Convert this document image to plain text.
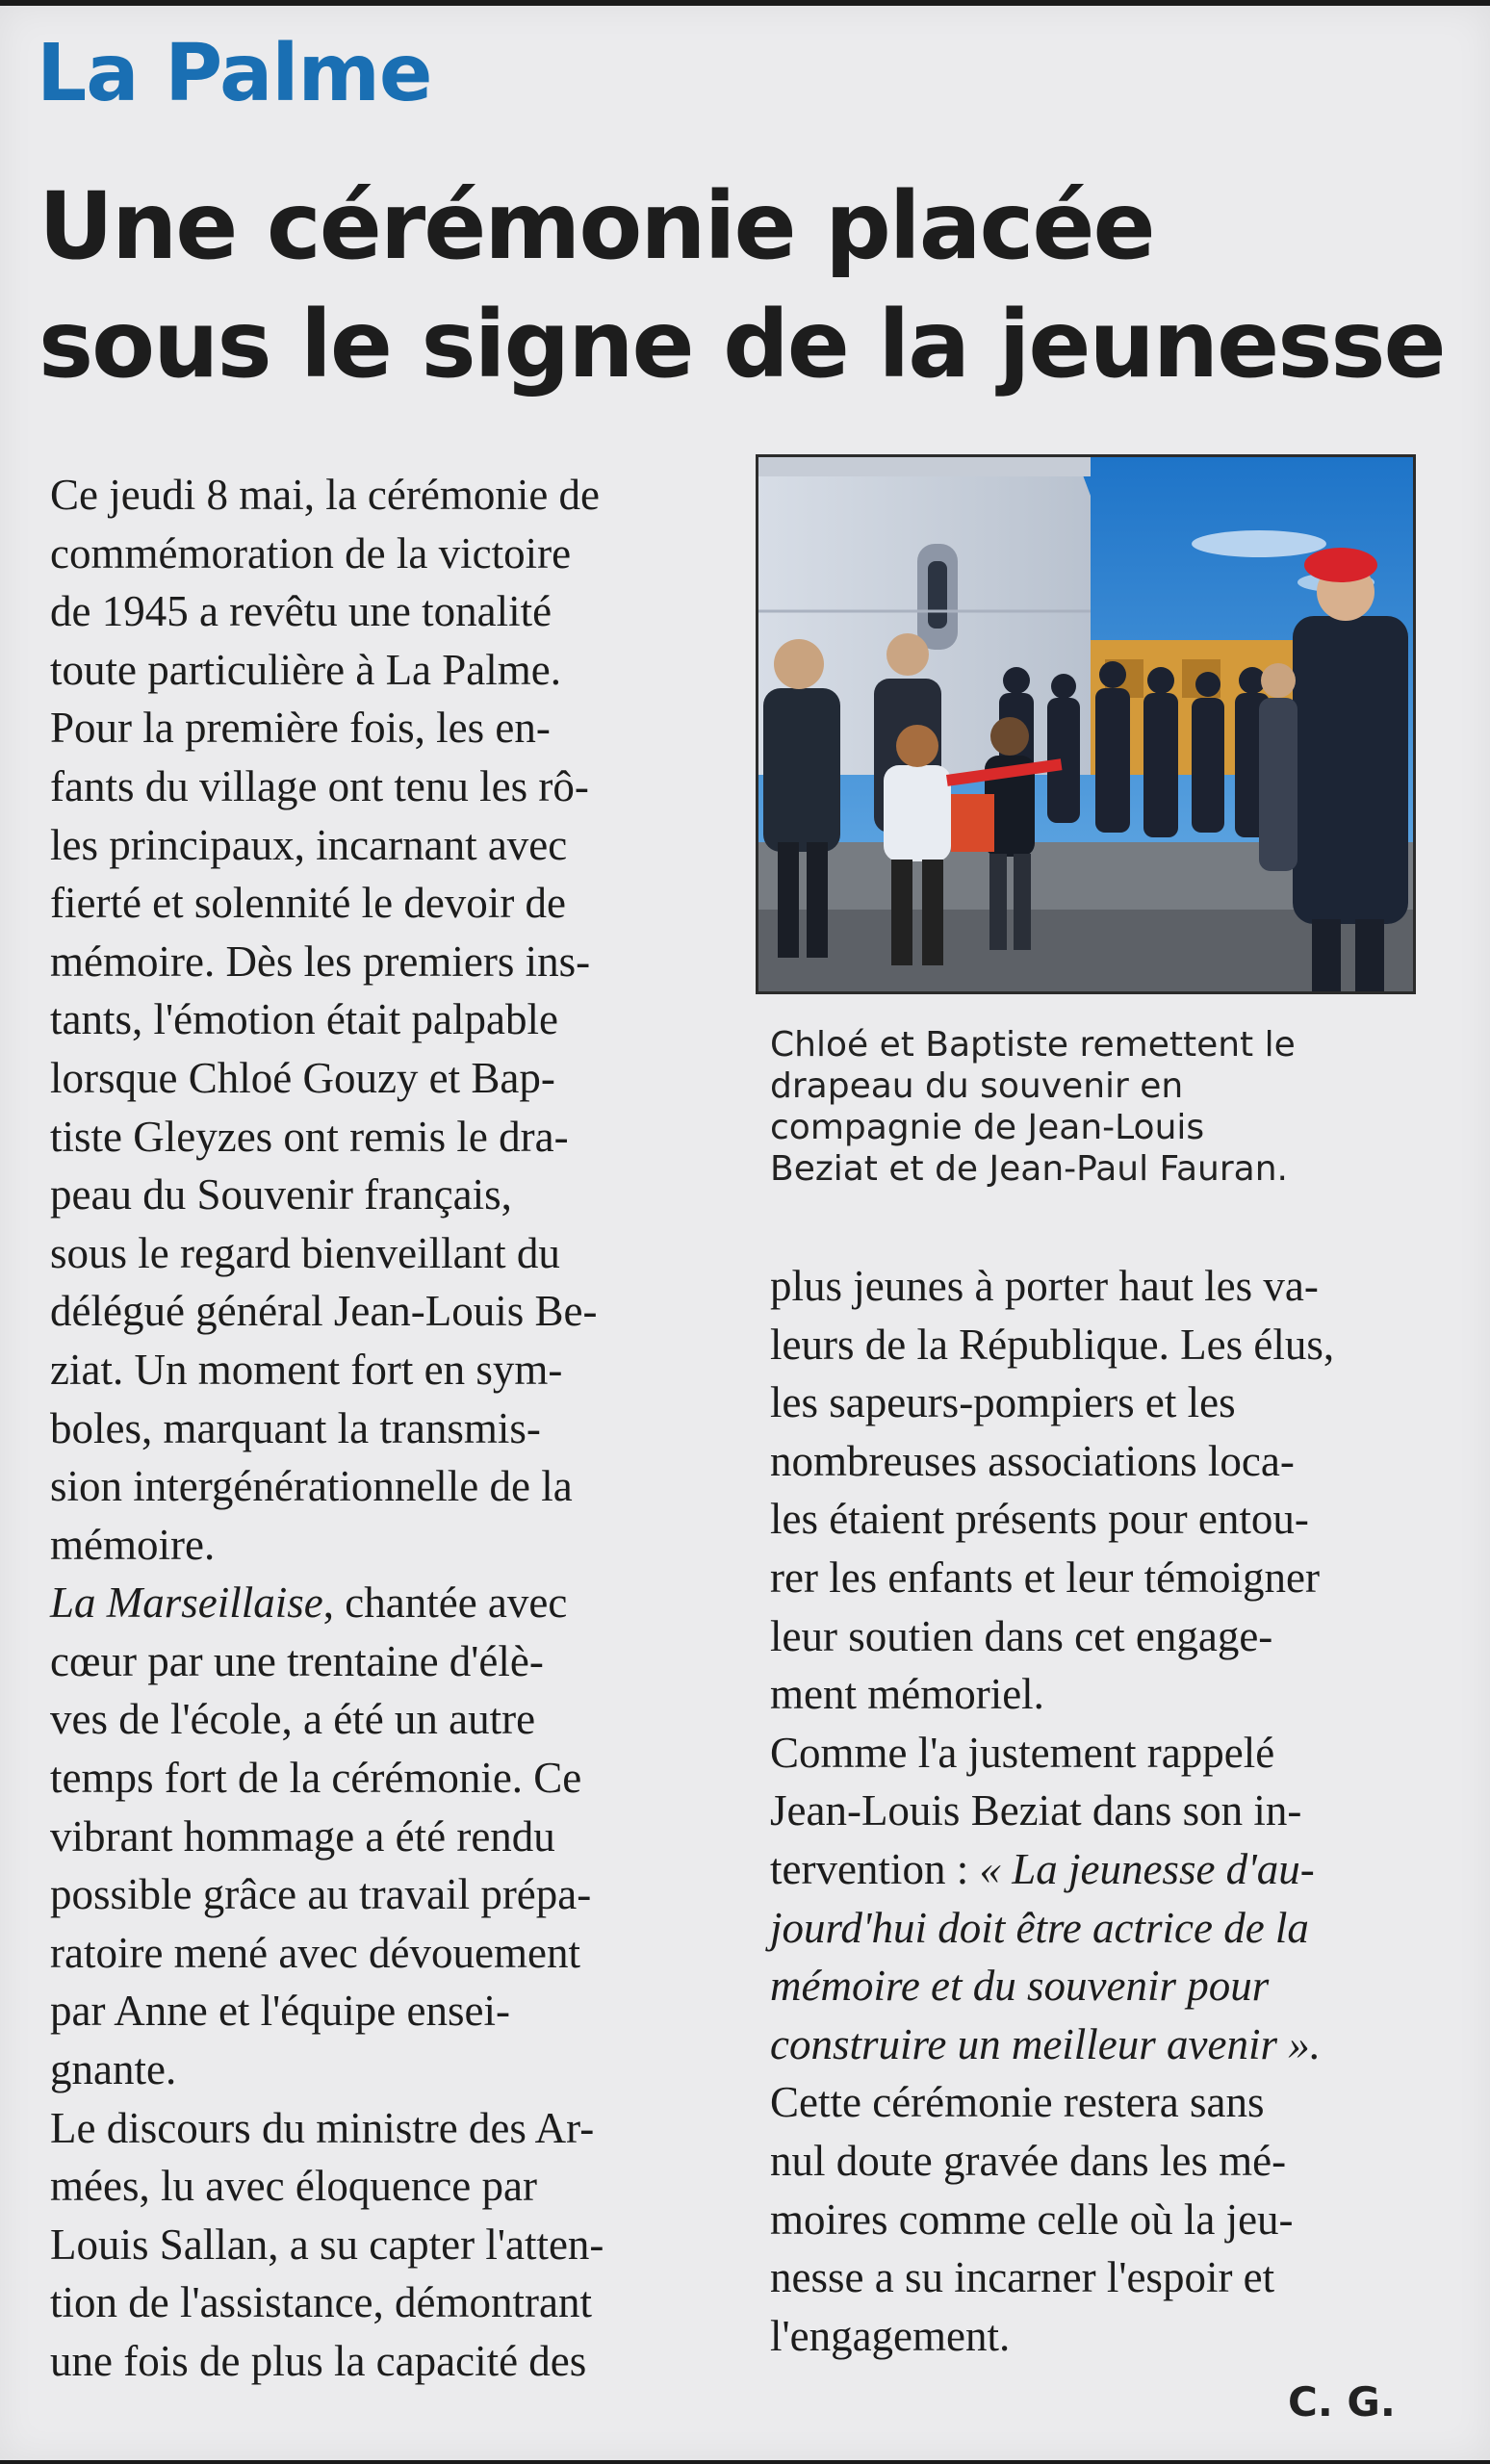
La Palme
Une cérémonie placée
sous le signe de la jeunesse
Ce jeudi 8 mai, la cérémonie de
commémoration de la victoire
de 1945 a revêtu une tonalité
toute particulière à La Palme.
Pour la première fois, les en-
fants du village ont tenu les rô-
les principaux, incarnant avec
fierté et solennité le devoir de
mémoire. Dès les premiers ins-
tants, l'émotion était palpable
lorsque Chloé Gouzy et Bap-
tiste Gleyzes ont remis le dra-
peau du Souvenir français,
sous le regard bienveillant du
délégué général Jean-Louis Be-
ziat. Un moment fort en sym-
boles, marquant la transmis-
sion intergénérationnelle de la
mémoire.
La Marseillaise, chantée avec
cœur par une trentaine d'élè-
ves de l'école, a été un autre
temps fort de la cérémonie. Ce
vibrant hommage a été rendu
possible grâce au travail prépa-
ratoire mené avec dévouement
par Anne et l'équipe ensei-
gnante.
Le discours du ministre des Ar-
mées, lu avec éloquence par
Louis Sallan, a su capter l'atten-
tion de l'assistance, démontrant
une fois de plus la capacité des
Chloé et Baptiste remettent le
drapeau du souvenir en
compagnie de Jean-Louis
Beziat et de Jean-Paul Fauran.
plus jeunes à porter haut les va-
leurs de la République. Les élus,
les sapeurs-pompiers et les
nombreuses associations loca-
les étaient présents pour entou-
rer les enfants et leur témoigner
leur soutien dans cet engage-
ment mémoriel.
Comme l'a justement rappelé
Jean-Louis Beziat dans son in-
tervention : « La jeunesse d'au-
jourd'hui doit être actrice de la
mémoire et du souvenir pour
construire un meilleur avenir ».
Cette cérémonie restera sans
nul doute gravée dans les mé-
moires comme celle où la jeu-
nesse a su incarner l'espoir et
l'engagement.
C. G.
